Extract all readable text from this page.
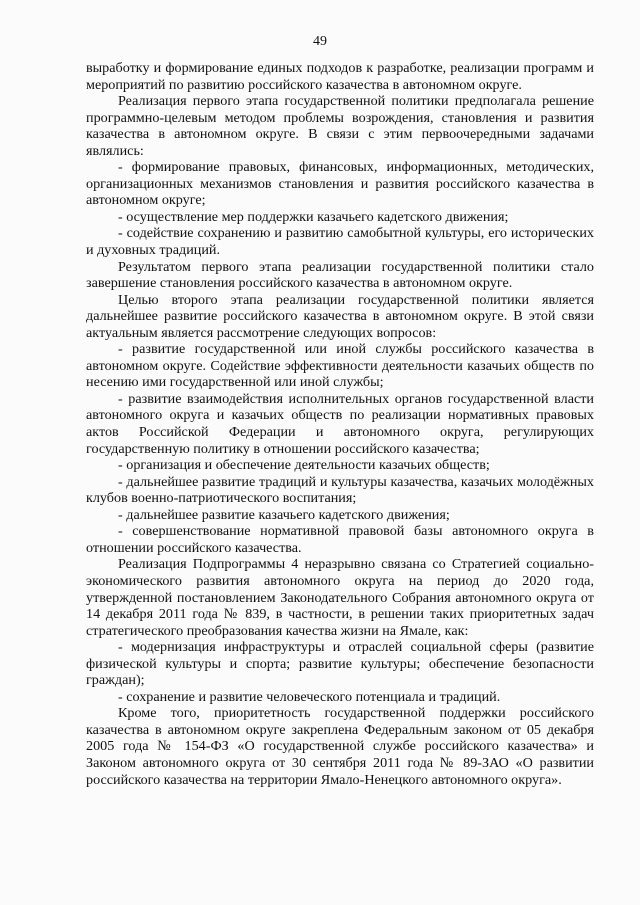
49

выработку и формирование единых подходов к разработке, реализации программ и мероприятий по развитию российского казачества в автономном округе.

Реализация первого этапа государственной политики предполагала решение программно-целевым методом проблемы возрождения, становления и развития казачества в автономном округе. В связи с этим первоочередными задачами являлись:

- формирование правовых, финансовых, информационных, методических, организационных механизмов становления и развития российского казачества в автономном округе;

- осуществление мер поддержки казачьего кадетского движения;

- содействие сохранению и развитию самобытной культуры, его исторических и духовных традиций.

Результатом первого этапа реализации государственной политики стало завершение становления российского казачества в автономном округе.

Целью второго этапа реализации государственной политики является дальнейшее развитие российского казачества в автономном округе. В этой связи актуальным является рассмотрение следующих вопросов:

- развитие государственной или иной службы российского казачества в автономном округе. Содействие эффективности деятельности казачьих обществ по несению ими государственной или иной службы;

- развитие взаимодействия исполнительных органов государственной власти автономного округа и казачьих обществ по реализации нормативных правовых актов Российской Федерации и автономного округа, регулирующих государственную политику в отношении российского казачества;

- организация и обеспечение деятельности казачьих обществ;

- дальнейшее развитие традиций и культуры казачества, казачьих молодёжных клубов военно-патриотического воспитания;

- дальнейшее развитие казачьего кадетского движения;

- совершенствование нормативной правовой базы автономного округа в отношении российского казачества.

Реализация Подпрограммы 4 неразрывно связана со Стратегией социально-экономического развития автономного округа на период до 2020 года, утвержденной постановлением Законодательного Собрания автономного округа от 14 декабря 2011 года № 839, в частности, в решении таких приоритетных задач стратегического преобразования качества жизни на Ямале, как:

- модернизация инфраструктуры и отраслей социальной сферы (развитие физической культуры и спорта; развитие культуры; обеспечение безопасности граждан);

- сохранение и развитие человеческого потенциала и традиций.

Кроме того, приоритетность государственной поддержки российского казачества в автономном округе закреплена Федеральным законом от 05 декабря 2005 года № 154-ФЗ «О государственной службе российского казачества» и Законом автономного округа от 30 сентября 2011 года № 89-ЗАО «О развитии российского казачества на территории Ямало-Ненецкого автономного округа».
